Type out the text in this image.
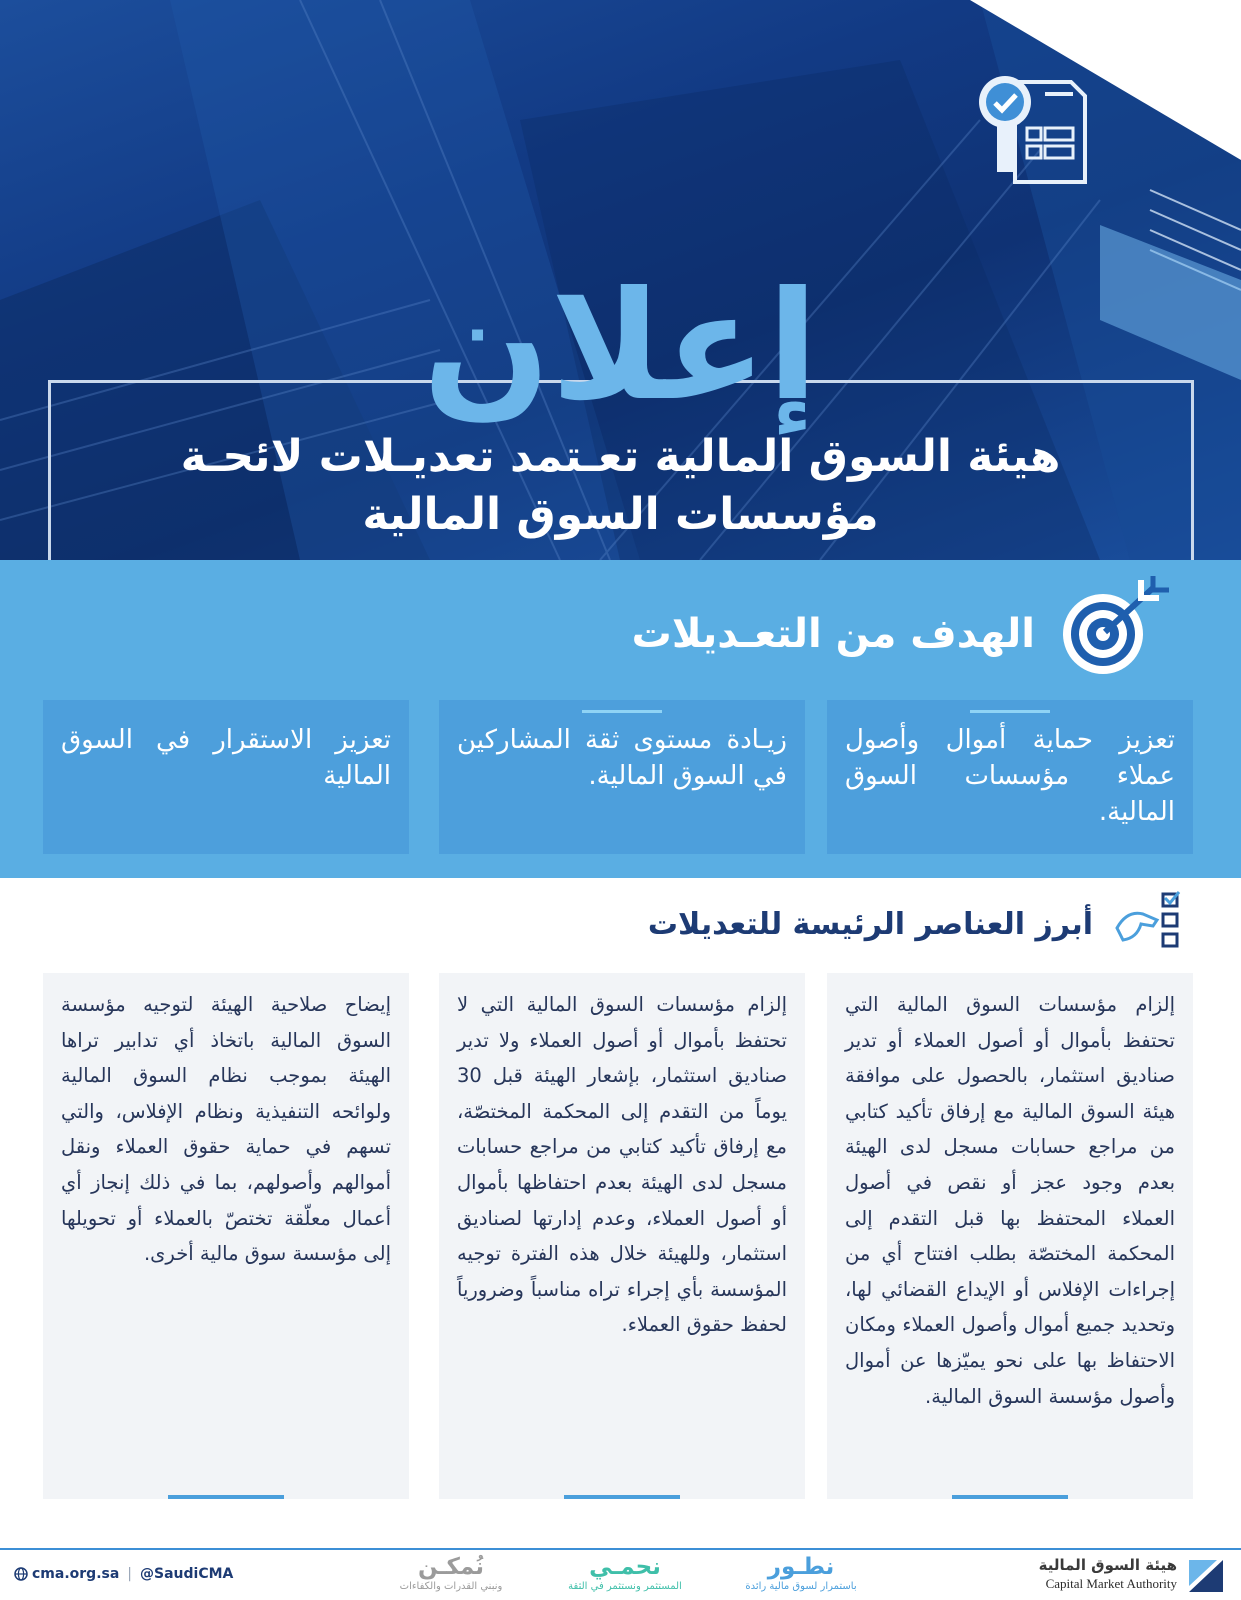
إعلان
هيئة السوق المالية تعـتمد تعديـلات لائحـة
مؤسسات السوق المالية
الهدف من التعـديلات

تعزيز حماية أموال وأصول عملاء مؤسسات السوق المالية.

زيـادة مستوى ثقة المشاركين في السوق المالية.

تعزيز الاستقرار في السوق المالية

أبرز العناصر الرئيسة للتعديلات

إلزام مؤسسات السوق المالية التي تحتفظ بأموال أو أصول العملاء أو تدير صناديق استثمار، بالحصول على موافقة هيئة السوق المالية مع إرفاق تأكيد كتابي من مراجع حسابات مسجل لدى الهيئة بعدم وجود عجز أو نقص في أصول العملاء المحتفظ بها قبل التقدم إلى المحكمة المختصّة بطلب افتتاح أي من إجراءات الإفلاس أو الإيداع القضائي لها، وتحديد جميع أموال وأصول العملاء ومكان الاحتفاظ بها على نحو يميّزها عن أموال وأصول مؤسسة السوق المالية.

إلزام مؤسسات السوق المالية التي لا تحتفظ بأموال أو أصول العملاء ولا تدير صناديق استثمار، بإشعار الهيئة قبل 30 يوماً من التقدم إلى المحكمة المختصّة، مع إرفاق تأكيد كتابي من مراجع حسابات مسجل لدى الهيئة بعدم احتفاظها بأموال أو أصول العملاء، وعدم إدارتها لصناديق استثمار، وللهيئة خلال هذه الفترة توجيه المؤسسة بأي إجراء تراه مناسباً وضرورياً لحفظ حقوق العملاء.

إيضاح صلاحية الهيئة لتوجيه مؤسسة السوق المالية باتخاذ أي تدابير تراها الهيئة بموجب نظام السوق المالية ولوائحه التنفيذية ونظام الإفلاس، والتي تسهم في حماية حقوق العملاء ونقل أموالهم وأصولهم، بما في ذلك إنجاز أي أعمال معلّقة تختصّ بالعملاء أو تحويلها إلى مؤسسة سوق مالية أخرى.

هيئة السوق المالية
Capital Market Authority
نطـور
باستمرار لسوق مالية رائدة
نحمـي
المستثمر ونستثمر في الثقة
نُمكـن
ونبني القدرات والكفاءات
cma.org.sa | @SaudiCMA
